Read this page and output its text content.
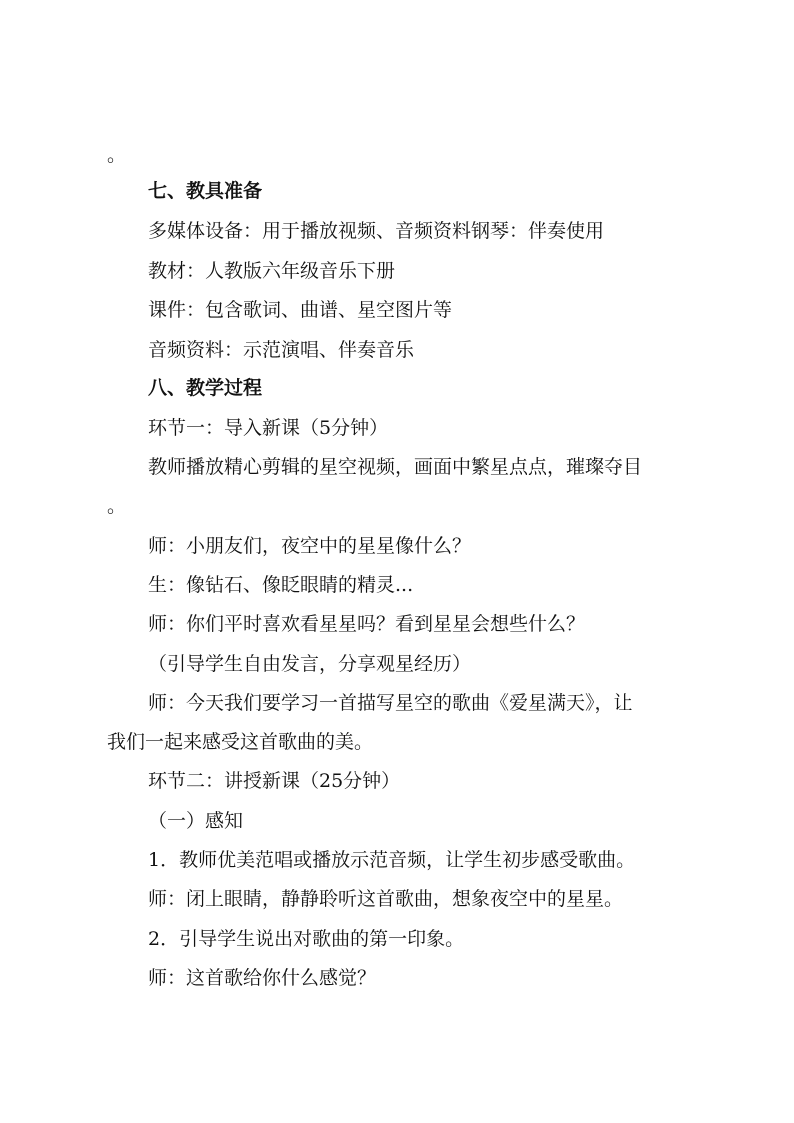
。
七、教具准备
多媒体设备：用于播放视频、音频资料钢琴：伴奏使用
教材：人教版六年级音乐下册
课件：包含歌词、曲谱、星空图片等
音频资料：示范演唱、伴奏音乐
八、教学过程
环节一：导入新课（5分钟）
教师播放精心剪辑的星空视频，画面中繁星点点，璀璨夺目
。
师：小朋友们，夜空中的星星像什么？
生：像钻石、像眨眼睛的精灵...
师：你们平时喜欢看星星吗？看到星星会想些什么？
（引导学生自由发言，分享观星经历）
师：今天我们要学习一首描写星空的歌曲《爱星满天》，让
我们一起来感受这首歌曲的美。
环节二：讲授新课（25分钟）
（一）感知
1．教师优美范唱或播放示范音频，让学生初步感受歌曲。
师：闭上眼睛，静静聆听这首歌曲，想象夜空中的星星。
2．引导学生说出对歌曲的第一印象。
师：这首歌给你什么感觉？
